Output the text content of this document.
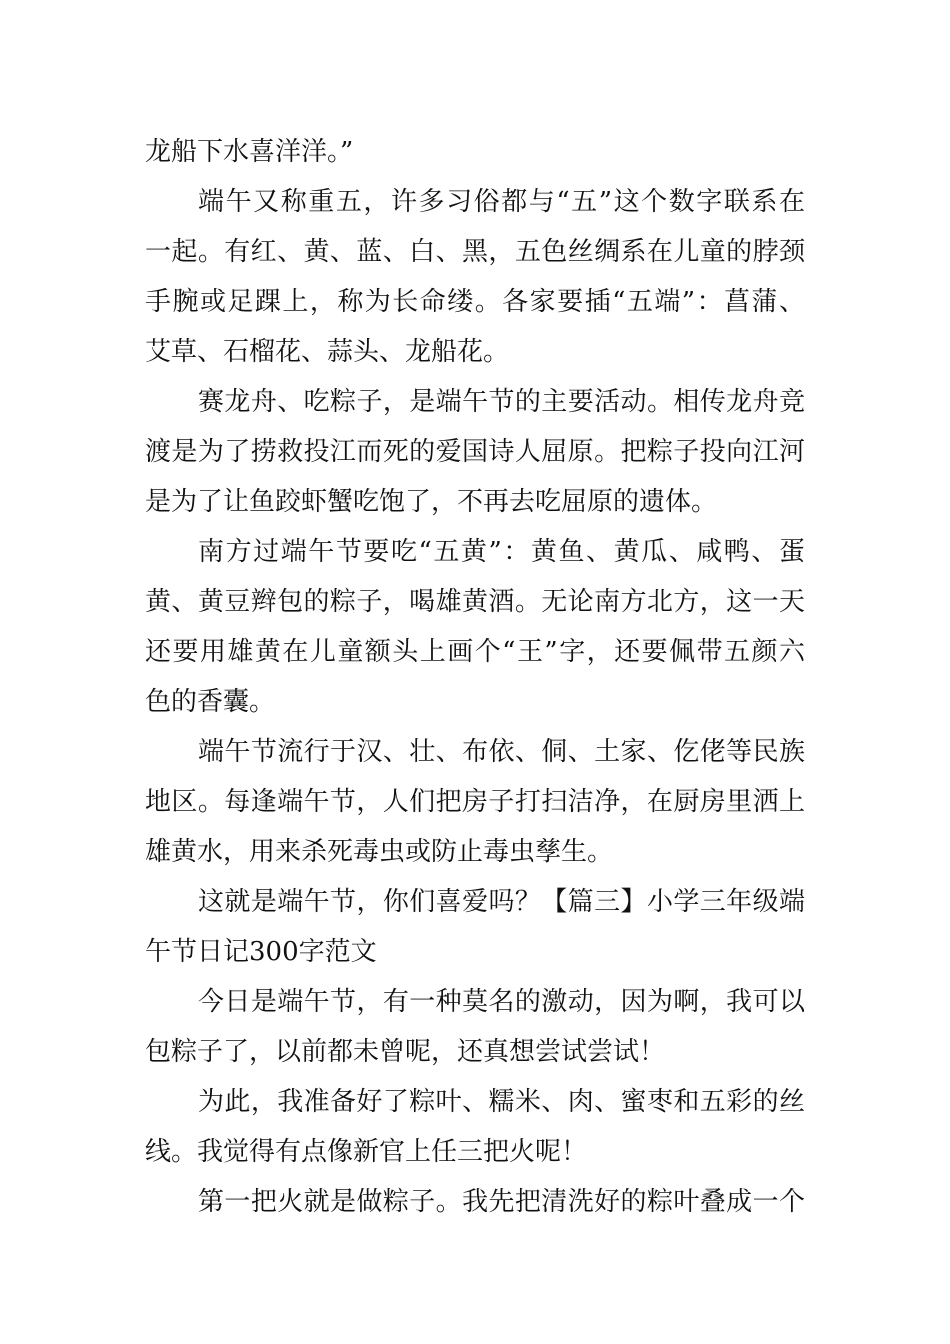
龙船下水喜洋洋。”
端午又称重五，许多习俗都与“五”这个数字联系在
一起。有红、黄、蓝、白、黑，五色丝绸系在儿童的脖颈
手腕或足踝上，称为长命缕。各家要插“五端”：菖蒲、
艾草、石榴花、蒜头、龙船花。
赛龙舟、吃粽子，是端午节的主要活动。相传龙舟竞
渡是为了捞救投江而死的爱国诗人屈原。把粽子投向江河
是为了让鱼跤虾蟹吃饱了，不再去吃屈原的遗体。
南方过端午节要吃“五黄”：黄鱼、黄瓜、咸鸭、蛋
黄、黄豆辫包的粽子，喝雄黄酒。无论南方北方，这一天
还要用雄黄在儿童额头上画个“王”字，还要佩带五颜六
色的香囊。
端午节流行于汉、壮、布依、侗、土家、仡佬等民族
地区。每逢端午节，人们把房子打扫洁净，在厨房里洒上
雄黄水，用来杀死毒虫或防止毒虫孳生。
这就是端午节，你们喜爱吗？【篇三】小学三年级端
午节日记300字范文
今日是端午节，有一种莫名的激动，因为啊，我可以
包粽子了，以前都未曾呢，还真想尝试尝试！
为此，我准备好了粽叶、糯米、肉、蜜枣和五彩的丝
线。我觉得有点像新官上任三把火呢！
第一把火就是做粽子。我先把清洗好的粽叶叠成一个
